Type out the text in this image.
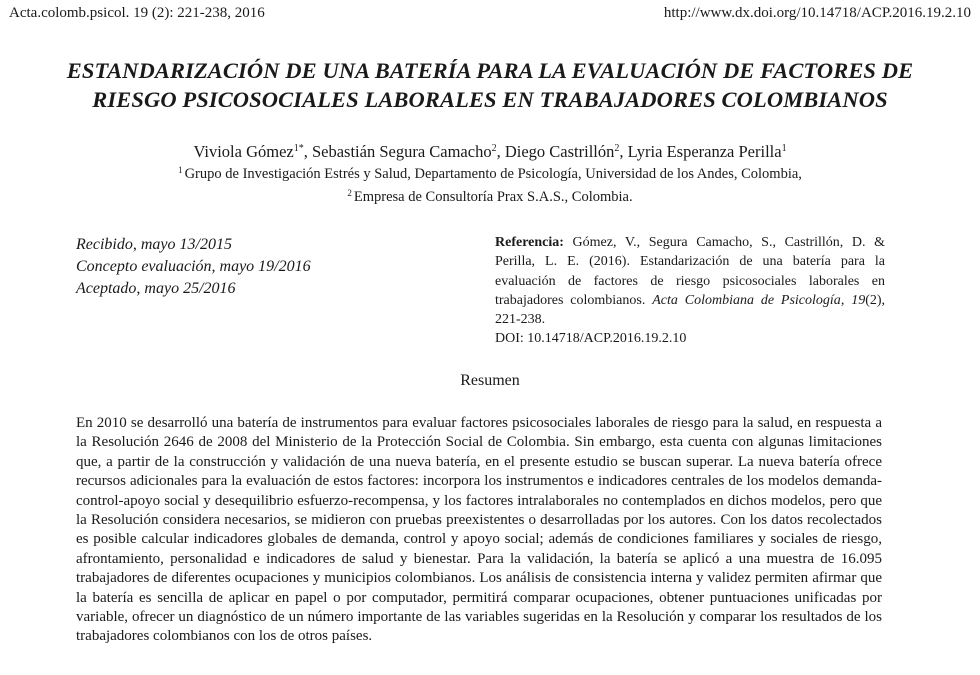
Acta.colomb.psicol. 19 (2): 221-238, 2016	http://www.dx.doi.org/10.14718/ACP.2016.19.2.10
ESTANDARIZACIÓN DE UNA BATERÍA PARA LA EVALUACIÓN DE FACTORES DE
RIESGO PSICOSOCIALES LABORALES EN TRABAJADORES COLOMBIANOS
Viviola Gómez$^{1*}$, Sebastián Segura Camacho$^2$, Diego Castrillón$^2$, Lyria Esperanza Perilla$^1$
$^1$ Grupo de Investigación Estrés y Salud, Departamento de Psicología, Universidad de los Andes, Colombia,
$^2$ Empresa de Consultoría Prax S.A.S., Colombia.
Recibido, mayo 13/2015
Concepto evaluación, mayo 19/2016
Aceptado, mayo 25/2016
Referencia: Gómez, V., Segura Camacho, S., Castrillón, D. & Perilla, L. E. (2016). Estandarización de una batería para la evaluación de factores de riesgo psicosociales laborales en trabajadores colombianos. Acta Colombiana de Psicología, 19(2), 221-238.
DOI: 10.14718/ACP.2016.19.2.10
Resumen

En 2010 se desarrolló una batería de instrumentos para evaluar factores psicosociales laborales de riesgo para la salud, en respuesta a la Resolución 2646 de 2008 del Ministerio de la Protección Social de Colombia. Sin embargo, esta cuenta con algunas limitaciones que, a partir de la construcción y validación de una nueva batería, en el presente estudio se buscan superar. La nueva batería ofrece recursos adicionales para la evaluación de estos factores: incorpora los instrumentos e indicadores centrales de los modelos demanda-control-apoyo social y desequilibrio esfuerzo-recompensa, y los factores intralaborales no contemplados en dichos modelos, pero que la Resolución considera necesarios, se midieron con pruebas preexistentes o desarrolladas por los autores. Con los datos recolectados es posible calcular indicadores globales de demanda, control y apoyo social; además de condiciones familiares y sociales de riesgo, afrontamiento, personalidad e indicadores de salud y bienestar. Para la validación, la batería se aplicó a una muestra de 16.095 trabajadores de diferentes ocupaciones y municipios colombianos. Los análisis de consistencia interna y validez permiten afirmar que la batería es sencilla de aplicar en papel o por computador, permitirá comparar ocupaciones, obtener puntuaciones unificadas por variable, ofrecer un diagnóstico de un número importante de las variables sugeridas en la Resolución y comparar los resultados de los trabajadores colombianos con los de otros países.
